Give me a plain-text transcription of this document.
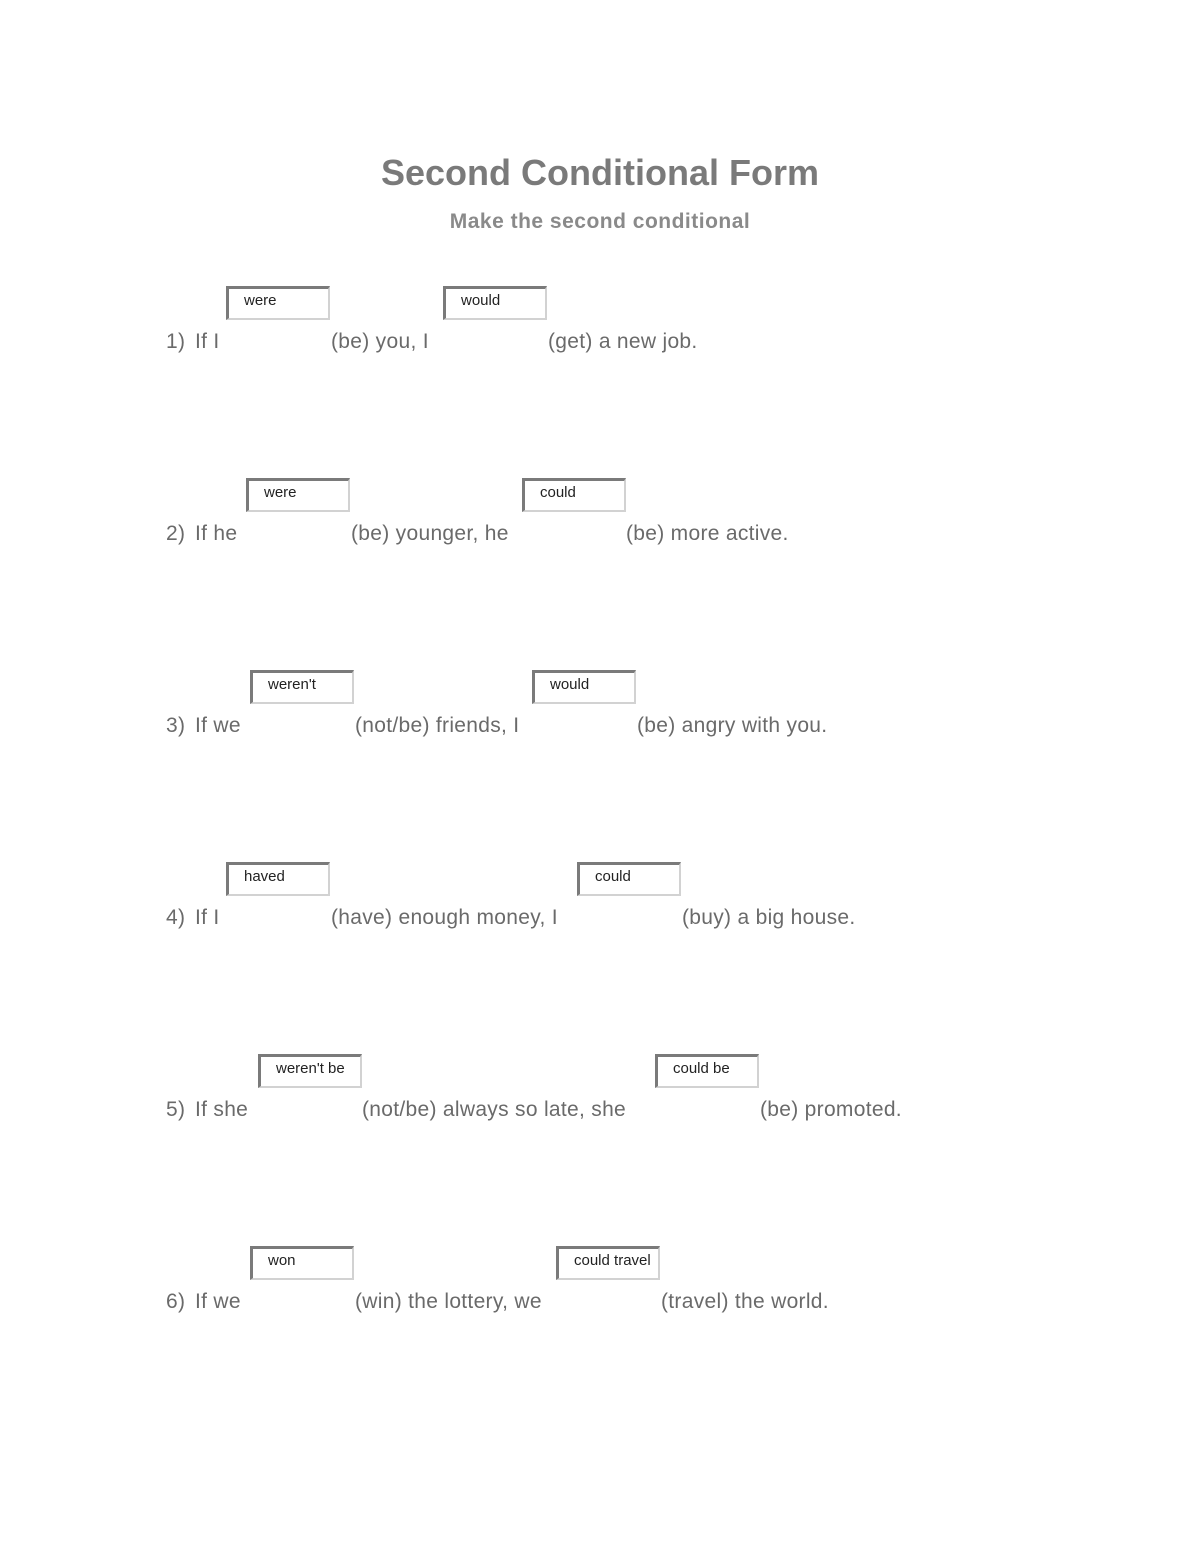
Second Conditional Form
Make the second conditional
were	would
1) If I	(be) you, I	(get) a new job.
were	could
2) If he	(be) younger, he	(be) more active.
weren't	would
3) If we	(not/be) friends, I	(be) angry with you.
haved	could
4) If I	(have) enough money, I	(buy) a big house.
weren't be	could be
5) If she	(not/be) always so late, she	(be) promoted.
won	could travel
6) If we	(win) the lottery, we	(travel) the world.
